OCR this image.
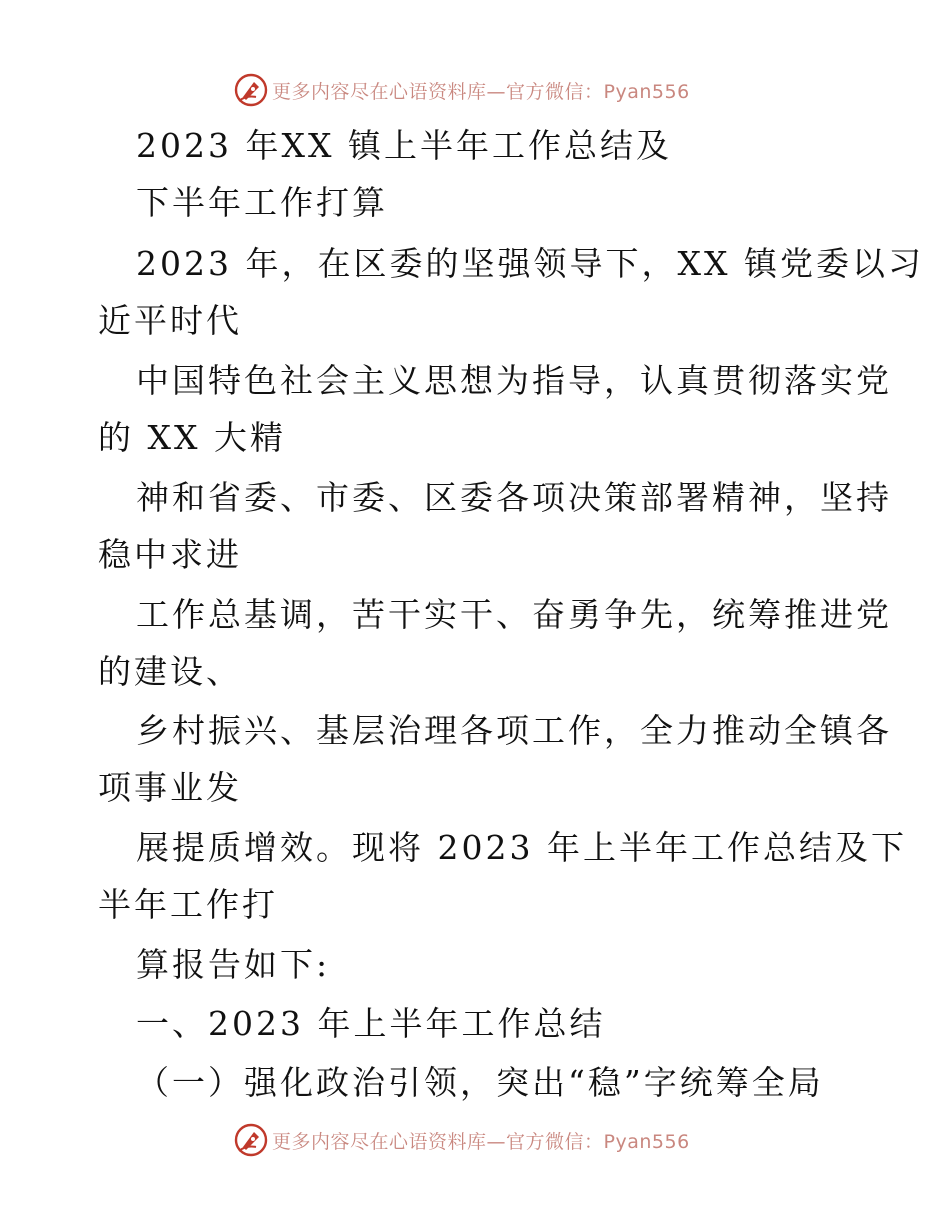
更多内容尽在心语资料库—官方微信：Pyan556
2023 年XX 镇上半年工作总结及
下半年工作打算
2023 年，在区委的坚强领导下，XX 镇党委以习
近平时代
中国特色社会主义思想为指导，认真贯彻落实党
的 XX 大精
神和省委、市委、区委各项决策部署精神，坚持
稳中求进
工作总基调，苦干实干、奋勇争先，统筹推进党
的建设、
乡村振兴、基层治理各项工作，全力推动全镇各
项事业发
展提质增效。现将 2023 年上半年工作总结及下
半年工作打
算报告如下:
一、2023 年上半年工作总结
（一）强化政治引领，突出“稳”字统筹全局
更多内容尽在心语资料库—官方微信：Pyan556
